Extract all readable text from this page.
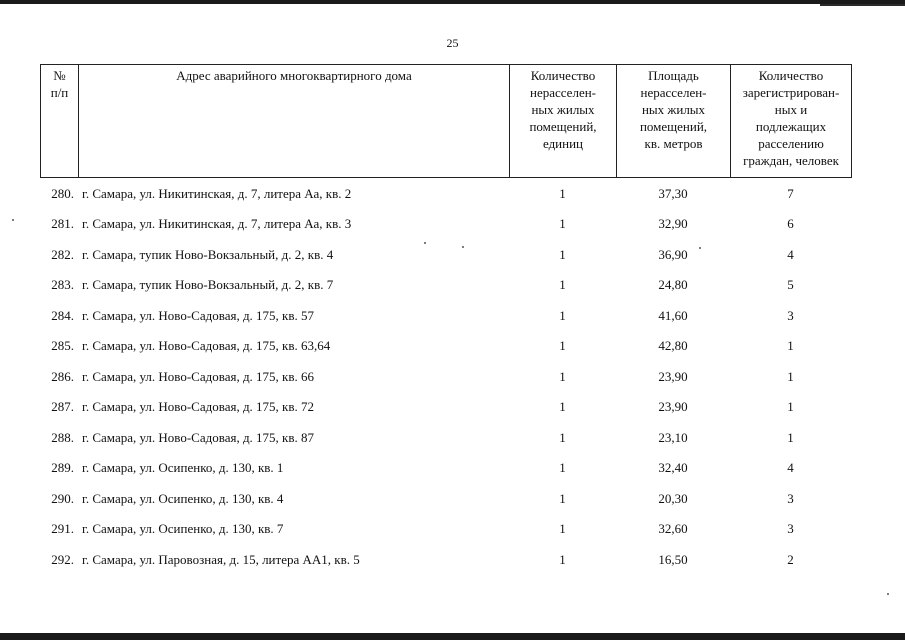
25
№
п/п	Адрес аварийного многоквартирного дома	Количество
нерасселен-
ных жилых
помещений,
единиц	Площадь
нерасселен-
ных жилых
помещений,
кв. метров	Количество
зарегистрирован-
ных и
подлежащих
расселению
граждан, человек
280. г. Самара, ул. Никитинская, д. 7, литера Аа, кв. 2	1	37,30	7
281. г. Самара, ул. Никитинская, д. 7, литера Аа, кв. 3	1	32,90	6
282. г. Самара, тупик Ново-Вокзальный, д. 2, кв. 4	1	36,90	4
283. г. Самара, тупик Ново-Вокзальный, д. 2, кв. 7	1	24,80	5
284. г. Самара, ул. Ново-Садовая, д. 175, кв. 57	1	41,60	3
285. г. Самара, ул. Ново-Садовая, д. 175, кв. 63,64	1	42,80	1
286. г. Самара, ул. Ново-Садовая, д. 175, кв. 66	1	23,90	1
287. г. Самара, ул. Ново-Садовая, д. 175, кв. 72	1	23,90	1
288. г. Самара, ул. Ново-Садовая, д. 175, кв. 87	1	23,10	1
289. г. Самара, ул. Осипенко, д. 130, кв. 1	1	32,40	4
290. г. Самара, ул. Осипенко, д. 130, кв. 4	1	20,30	3
291. г. Самара, ул. Осипенко, д. 130, кв. 7	1	32,60	3
292. г. Самара, ул. Паровозная, д. 15, литера АА1, кв. 5	1	16,50	2
